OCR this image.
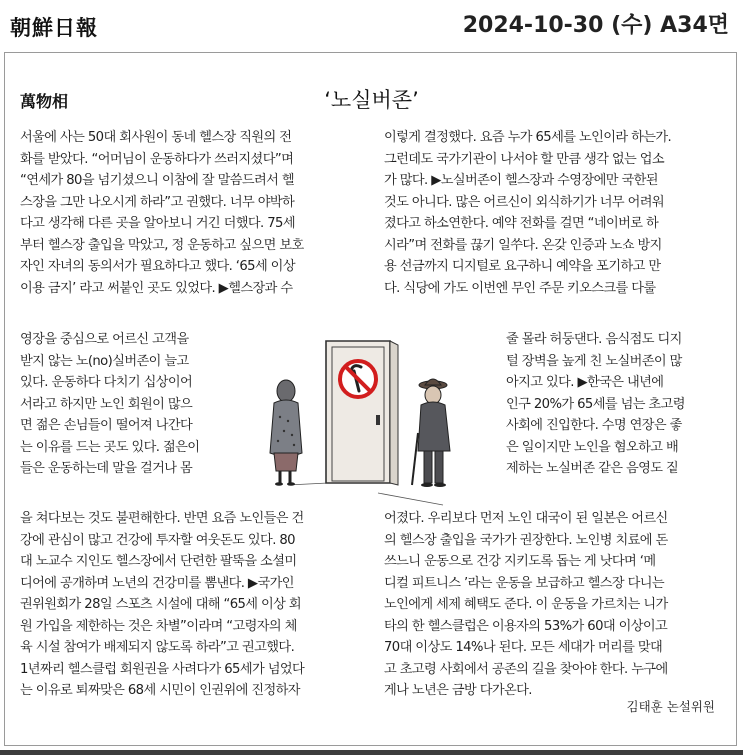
朝鮮日報	2024-10-30 (수) A34면
萬物相	‘노실버존’

서울에 사는 50대 회사원이 동네 헬스장 직원의 전

화를 받았다. “어머님이 운동하다가 쓰러지셨다”며

“연세가 80을 넘기셨으니 이참에 잘 말씀드려서 헬

스장을 그만 나오시게 하라”고 권했다. 너무 야박하

다고 생각해 다른 곳을 알아보니 거긴 더했다. 75세

부터 헬스장 출입을 막았고, 정 운동하고 싶으면 보호

자인 자녀의 동의서가 필요하다고 했다. ‘65세 이상

이용 금지’ 라고 써붙인 곳도 있었다. ▶헬스장과 수

영장을 중심으로 어르신 고객을

받지 않는 노(no)실버존이 늘고

있다. 운동하다 다치기 십상이어

서라고 하지만 노인 회원이 많으

면 젊은 손님들이 떨어져 나간다

는 이유를 드는 곳도 있다. 젊은이

들은 운동하는데 말을 걸거나 몸

을 쳐다보는 것도 불편해한다. 반면 요즘 노인들은 건

강에 관심이 많고 건강에 투자할 여웃돈도 있다. 80

대 노교수 지인도 헬스장에서 단련한 팔뚝을 소셜미

디어에 공개하며 노년의 건강미를 뽐낸다. ▶국가인

권위원회가 28일 스포츠 시설에 대해 “65세 이상 회

원 가입을 제한하는 것은 차별”이라며 “고령자의 체

육 시설 참여가 배제되지 않도록 하라”고 권고했다.

1년짜리 헬스클럽 회원권을 사려다가 65세가 넘었다

는 이유로 퇴짜맞은 68세 시민이 인권위에 진정하자

이렇게 결정했다. 요즘 누가 65세를 노인이라 하는가.

그런데도 국가기관이 나서야 할 만큼 생각 없는 업소

가 많다. ▶노실버존이 헬스장과 수영장에만 국한된

것도 아니다. 많은 어르신이 외식하기가 너무 어려워

졌다고 하소연한다. 예약 전화를 걸면 “네이버로 하

시라”며 전화를 끊기 일쑤다. 온갖 인증과 노쇼 방지

용 선금까지 디지털로 요구하니 예약을 포기하고 만

다. 식당에 가도 이번엔 무인 주문 키오스크를 다룰

줄 몰라 허둥댄다. 음식점도 디지

털 장벽을 높게 친 노실버존이 많

아지고 있다. ▶한국은 내년에

인구 20%가 65세를 넘는 초고령

사회에 진입한다. 수명 연장은 좋

은 일이지만 노인을 혐오하고 배

제하는 노실버존 같은 음영도 짙

어졌다. 우리보다 먼저 노인 대국이 된 일본은 어르신

의 헬스장 출입을 국가가 권장한다. 노인병 치료에 돈

쓰느니 운동으로 건강 지키도록 돕는 게 낫다며 ‘메

디컬 피트니스 ’라는 운동을 보급하고 헬스장 다니는

노인에게 세제 혜택도 준다. 이 운동을 가르치는 니가

타의 한 헬스클럽은 이용자의 53%가 60대 이상이고

70대 이상도 14%나 된다. 모든 세대가 머리를 맞대

고 초고령 사회에서 공존의 길을 찾아야 한다. 누구에

게나 노년은 금방 다가온다.

김태훈 논설위원
